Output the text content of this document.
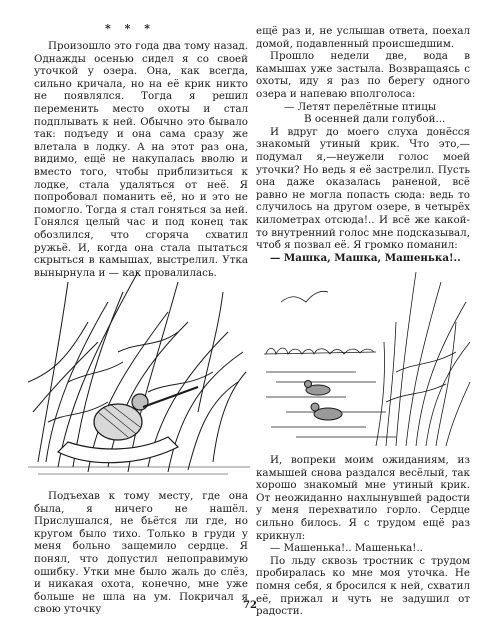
* * *

Произошло это года два тому назад. Однажды осенью сидел я со своей уточкой у озера. Она, как всегда, сильно кричала, но на её крик никто не появлялся. Тогда я решил переменить место охоты и стал подплывать к ней. Обычно это бывало так: подъеду и она сама сразу же влетала в лодку. А на этот раз она, видимо, ещё не накупалась вволю и вместо того, чтобы приблизиться к лодке, стала удаляться от неё. Я попробовал поманить её, но и это не помогло. Тогда я стал гоняться за ней. Гонялся целый час и под конец так обозлился, что сгоряча схватил ружьё. И, когда она стала пытаться скрыться в камышах, выстрелил. Утка вынырнула и — как провалилась.

ещё раз и, не услышав ответа, поехал домой, подавленный происшедшим.

Прошло недели две, вода в камышах уже застыла. Возвращаясь с охоты, иду я раз по берегу одного озера и напеваю вполголоса:

— Летят перелётные птицы

В осенней дали голубой...

И вдруг до моего слуха донёсся знакомый утиный крик. Что это,— подумал я,—неужели голос моей уточки? Но ведь я её застрелил. Пусть она даже оказалась раненой, всё равно не могла попасть сюда: ведь то случилось на другом озере, в четырёх километрах отсюда!.. И всё же какой-то внутренний голос мне подсказывал, чтоб я позвал её. Я громко поманил:

— Машка, Машка, Машенька!..

Подъехав к тому месту, где она была, я ничего не нашёл. Прислушался, не бьётся ли где, но кругом было тихо. Только в груди у меня больно защемило сердце. Я понял, что допустил непоправимую ошибку. Утки мне было жаль до слёз, и никакая охота, конечно, мне уже больше не шла на ум. Покричал я свою уточку

И, вопреки моим ожиданиям, из камышей снова раздался весёлый, так хорошо знакомый мне утиный крик. От неожиданно нахлынувшей радости у меня перехватило горло. Сердце сильно билось. Я с трудом ещё раз крикнул:

— Машенька!.. Машенька!..

По льду сквозь тростник с трудом пробиралась ко мне моя уточка. Не помня себя, я бросился к ней, схватил её, прижал и чуть не задушил от радости.

72
